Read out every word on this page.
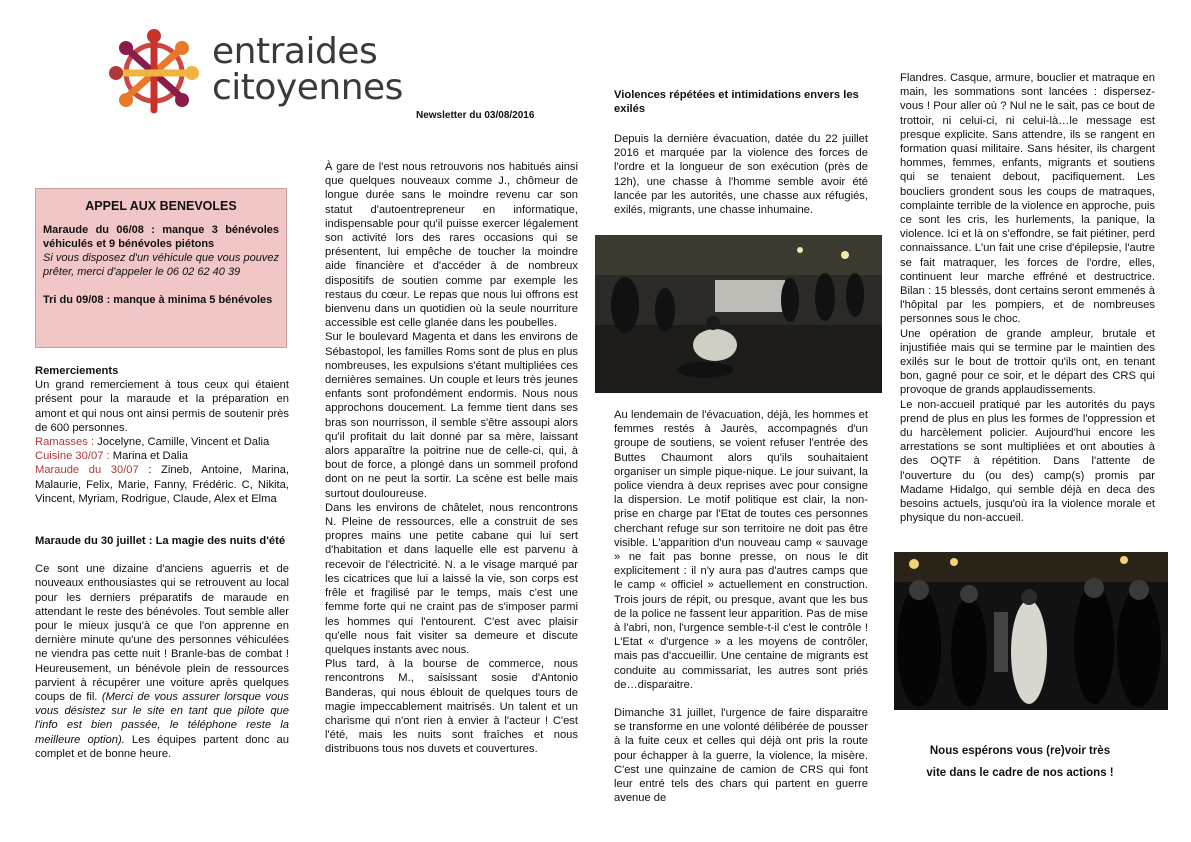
entraides
citoyennes
Newsletter du 03/08/2016
APPEL AUX BENEVOLES
Maraude du 06/08 : manque 3 bénévoles véhiculés et 9 bénévoles piétons
Si vous disposez d'un véhicule que vous pouvez prêter, merci d'appeler le 06 02 62 40 39
Tri du 09/08 : manque à minima 5 bénévoles

Remerciements

Un grand remerciement à tous ceux qui étaient présent pour la maraude et la préparation en amont et qui nous ont ainsi permis de soutenir près de 600 personnes.

Ramasses : Jocelyne, Camille, Vincent et Dalia

Cuisine 30/07 : Marina et Dalia

Maraude du 30/07 : Zineb, Antoine, Marina, Malaurie, Felix, Marie, Fanny, Frédéric. C, Nikita, Vincent, Myriam, Rodrigue, Claude, Alex et Elma

Maraude du 30 juillet : La magie des nuits d'été

Ce sont une dizaine d'anciens aguerris et de nouveaux enthousiastes qui se retrouvent au local pour les derniers préparatifs de maraude en attendant le reste des bénévoles. Tout semble aller pour le mieux jusqu'à ce que l'on apprenne en dernière minute qu'une des personnes véhiculées ne viendra pas cette nuit ! Branle-bas de combat ! Heureusement, un bénévole plein de ressources parvient à récupérer une voiture après quelques coups de fil. (Merci de vous assurer lorsque vous vous désistez sur le site en tant que pilote que l'info est bien passée, le téléphone reste la meilleure option). Les équipes partent donc au complet et de bonne heure.

À gare de l'est nous retrouvons nos habitués ainsi que quelques nouveaux comme J., chômeur de longue durée sans le moindre revenu car son statut d'autoentrepreneur en informatique, indispensable pour qu'il puisse exercer légalement son activité lors des rares occasions qui se présentent, lui empêche de toucher la moindre aide financière et d'accéder à de nombreux dispositifs de soutien comme par exemple les restaus du cœur. Le repas que nous lui offrons est bienvenu dans un quotidien où la seule nourriture accessible est celle glanée dans les poubelles.

Sur le boulevard Magenta et dans les environs de Sébastopol, les familles Roms sont de plus en plus nombreuses, les expulsions s'étant multipliées ces dernières semaines. Un couple et leurs très jeunes enfants sont profondément endormis. Nous nous approchons doucement. La femme tient dans ses bras son nourrisson, il semble s'être assoupi alors qu'il profitait du lait donné par sa mère, laissant alors apparaître la poitrine nue de celle-ci, qui, à bout de force, a plongé dans un sommeil profond dont on ne peut la sortir. La scène est belle mais surtout douloureuse.

Dans les environs de châtelet, nous rencontrons N. Pleine de ressources, elle a construit de ses propres mains une petite cabane qui lui sert d'habitation et dans laquelle elle est parvenu à recevoir de l'électricité. N. a le visage marqué par les cicatrices que lui a laissé la vie, son corps est frêle et fragilisé par le temps, mais c'est une femme forte qui ne craint pas de s'imposer parmi les hommes qui l'entourent. C'est avec plaisir qu'elle nous fait visiter sa demeure et discute quelques instants avec nous.

Plus tard, à la bourse de commerce, nous rencontrons M., saisissant sosie d'Antonio Banderas, qui nous éblouit de quelques tours de magie impeccablement maitrisés. Un talent et un charisme qui n'ont rien à envier à l'acteur ! C'est l'été, mais les nuits sont fraîches et nous distribuons tous nos duvets et couvertures.

Violences répétées et intimidations envers les exilés

Depuis la dernière évacuation, datée du 22 juillet 2016 et marquée par la violence des forces de l'ordre et la longueur de son exécution (près de 12h), une chasse à l'homme semble avoir été lancée par les autorités, une chasse aux réfugiés, exilés, migrants, une chasse inhumaine.

Au lendemain de l'évacuation, déjà, les hommes et femmes restés à Jaurès, accompagnés d'un groupe de soutiens, se voient refuser l'entrée des Buttes Chaumont alors qu'ils souhaitaient organiser un simple pique-nique. Le jour suivant, la police viendra à deux reprises avec pour consigne la dispersion. Le motif politique est clair, la non-prise en charge par l'Etat de toutes ces personnes cherchant refuge sur son territoire ne doit pas être visible. L'apparition d'un nouveau camp « sauvage » ne fait pas bonne presse, on nous le dit explicitement : il n'y aura pas d'autres camps que le camp « officiel » actuellement en construction. Trois jours de répit, ou presque, avant que les bus de la police ne fassent leur apparition. Pas de mise à l'abri, non, l'urgence semble-t-il c'est le contrôle ! L'Etat « d'urgence » a les moyens de contrôler, mais pas d'accueillir. Une centaine de migrants est conduite au commissariat, les autres sont priés de…disparaitre.

Dimanche 31 juillet, l'urgence de faire disparaitre se transforme en une volonté délibérée de pousser à la fuite ceux et celles qui déjà ont pris la route pour échapper à la guerre, la violence, la misère. C'est une quinzaine de camion de CRS qui font leur entré tels des chars qui partent en guerre avenue de

Flandres. Casque, armure, bouclier et matraque en main, les sommations sont lancées : dispersez-vous ! Pour aller où ? Nul ne le sait, pas ce bout de trottoir, ni celui-ci, ni celui-là…le message est presque explicite. Sans attendre, ils se rangent en formation quasi militaire. Sans hésiter, ils chargent hommes, femmes, enfants, migrants et soutiens qui se tenaient debout, pacifiquement. Les boucliers grondent sous les coups de matraques, complainte terrible de la violence en approche, puis ce sont les cris, les hurlements, la panique, la violence. Ici et là on s'effondre, se fait piétiner, perd connaissance. L'un fait une crise d'épilepsie, l'autre se fait matraquer, les forces de l'ordre, elles, continuent leur marche effréné et destructrice. Bilan : 15 blessés, dont certains seront emmenés à l'hôpital par les pompiers, et de nombreuses personnes sous le choc.

Une opération de grande ampleur, brutale et injustifiée mais qui se termine par le maintien des exilés sur le bout de trottoir qu'ils ont, en tenant bon, gagné pour ce soir, et le départ des CRS qui provoque de grands applaudissements.

Le non-accueil pratiqué par les autorités du pays prend de plus en plus les formes de l'oppression et du harcèlement policier. Aujourd'hui encore les arrestations se sont multipliées et ont abouties à des OQTF à répétition. Dans l'attente de l'ouverture du (ou des) camp(s) promis par Madame Hidalgo, qui semble déjà en deca des besoins actuels, jusqu'où ira la violence morale et physique du non-accueil.

Nous espérons vous (re)voir très vite dans le cadre de nos actions !
